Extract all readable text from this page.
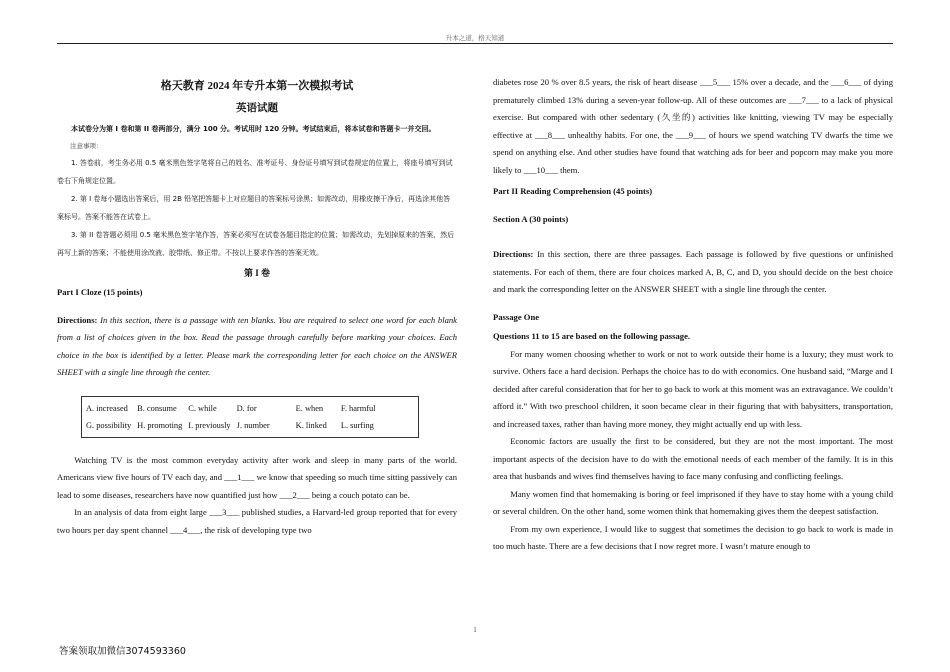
升本之道，格天知道
格天教育 2024 年专升本第一次模拟考试
英语试题
本试卷分为第 I 卷和第 II 卷两部分，满分 100 分。考试用时 120 分钟。考试结束后，将本试卷和答题卡一并交回。
注意事项：
1. 答卷前，考生务必用 0.5 毫米黑色签字笔将自己的姓名、准考证号、身份证号填写到试卷规定的位置上，将座号填写到试卷右下角规定位置。
2. 第 I 卷每小题选出答案后，用 2B 铅笔把答题卡上对应题目的答案标号涂黑；如需改动，用橡皮擦干净后，再选涂其他答案标号。答案不能答在试卷上。
3. 第 II 卷答题必须用 0.5 毫米黑色签字笔作答，答案必须写在试卷各题目指定的位置；如需改动，先划掉原来的答案，然后再写上新的答案；不能使用涂改液、胶带纸、修正带。不按以上要求作答的答案无效。
第 I 卷
Part I Cloze (15 points)
Directions: In this section, there is a passage with ten blanks. You are required to select one word for each blank from a list of choices given in the box. Read the passage through carefully before marking your choices. Each choice in the box is identified by a letter. Please mark the corresponding letter for each choice on the ANSWER SHEET with a single line through the center.
A. increased	B. consume	C. while	D. for	E. when	F. harmful
G. possibility	H. promoting	I. previously	J. number	K. linked	L. surfing
Watching TV is the most common everyday activity after work and sleep in many parts of the world. Americans view five hours of TV each day, and ___1___ we know that speeding so much time sitting passively can lead to some diseases, researchers have now quantified just how ___2___ being a couch potato can be.
In an analysis of data from eight large ___3___ published studies, a Harvard-led group reported that for every two hours per day spent channel ___4___, the risk of developing type two
diabetes rose 20 % over 8.5 years, the risk of heart disease ___5___ 15% over a decade, and the ___6___ of dying prematurely climbed 13% during a seven-year follow-up. All of these outcomes are ___7___ to a lack of physical exercise. But compared with other sedentary (久坐的) activities like knitting, viewing TV may be especially effective at ___8___ unhealthy habits. For one, the ___9___ of hours we spend watching TV dwarfs the time we spend on anything else. And other studies have found that watching ads for beer and popcorn may make you more likely to ___10___ them.
Part II Reading Comprehension (45 points)
Section A (30 points)
Directions: In this section, there are three passages. Each passage is followed by five questions or unfinished statements. For each of them, there are four choices marked A, B, C, and D, you should decide on the best choice and mark the corresponding letter on the ANSWER SHEET with a single line through the center.
Passage One
Questions 11 to 15 are based on the following passage.
For many women choosing whether to work or not to work outside their home is a luxury; they must work to survive. Others face a hard decision. Perhaps the choice has to do with economics. One husband said, “Marge and I decided after careful consideration that for her to go back to work at this moment was an extravagance. We couldn’t afford it.” With two preschool children, it soon became clear in their figuring that with babysitters, transportation, and increased taxes, rather than having more money, they might actually end up with less.
Economic factors are usually the first to be considered, but they are not the most important. The most important aspects of the decision have to do with the emotional needs of each member of the family. It is in this area that husbands and wives find themselves having to face many confusing and conflicting feelings.
Many women find that homemaking is boring or feel imprisoned if they have to stay home with a young child or several children. On the other hand, some women think that homemaking gives them the deepest satisfaction.
From my own experience, I would like to suggest that sometimes the decision to go back to work is made in too much haste. There are a few decisions that I now regret more. I wasn’t mature enough to
1
答案领取加微信3074593360
